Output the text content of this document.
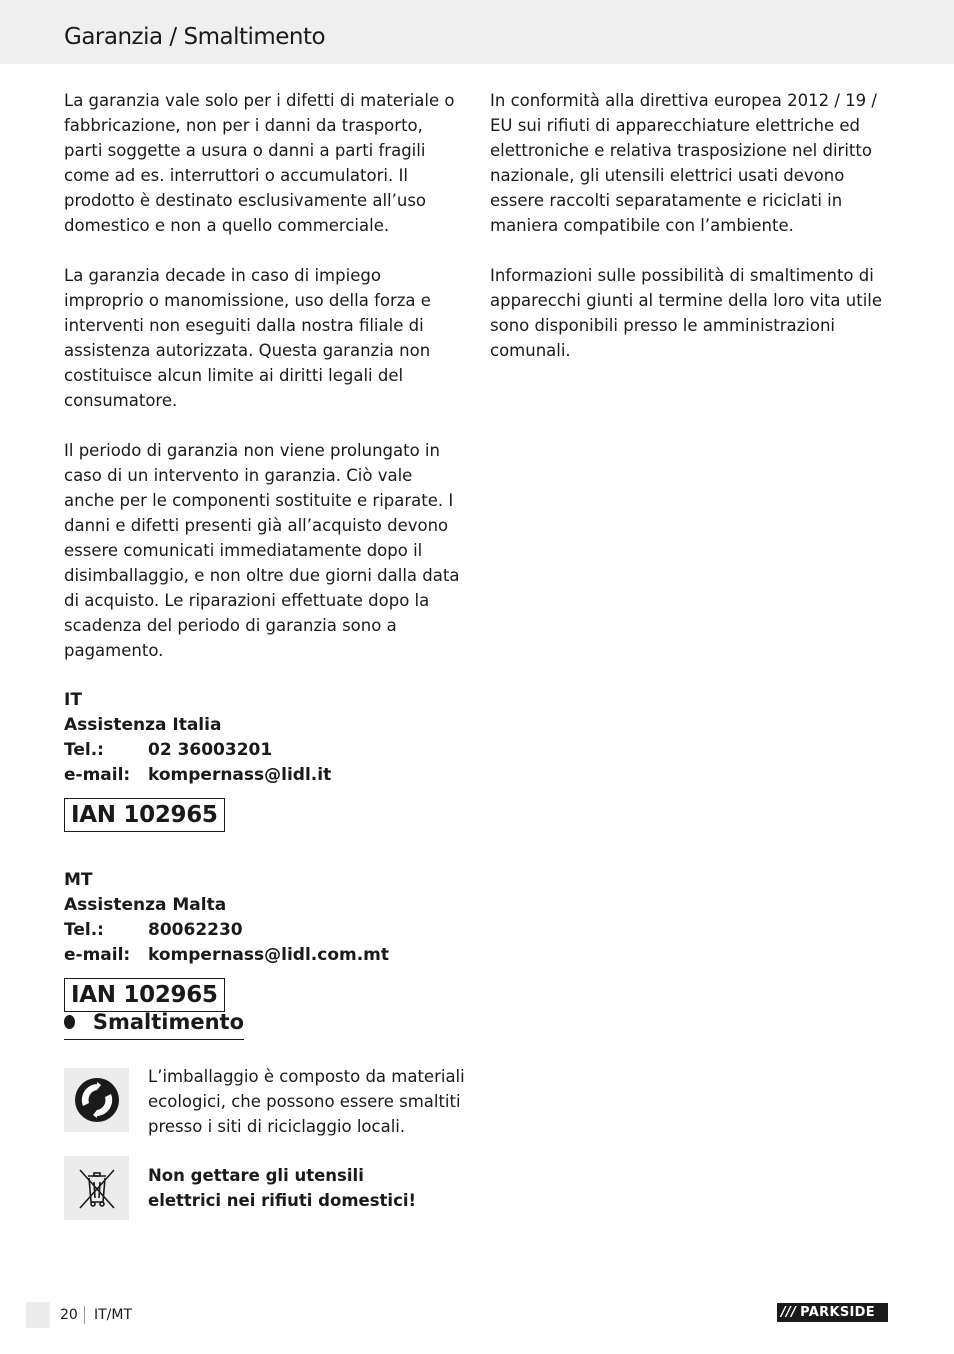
Garanzia / Smaltimento

La garanzia vale solo per i difetti di materiale o fabbricazione, non per i danni da trasporto, parti soggette a usura o danni a parti fragili come ad es. interruttori o accumulatori. Il prodotto è destinato esclusivamente all’uso domestico e non a quello commerciale.

La garanzia decade in caso di impiego improprio o manomissione, uso della forza e interventi non eseguiti dalla nostra filiale di assistenza autorizzata. Questa garanzia non costituisce alcun limite ai diritti legali del consumatore.

Il periodo di garanzia non viene prolungato in caso di un intervento in garanzia. Ciò vale anche per le componenti sostituite e riparate. I danni e difetti presenti già all’acquisto devono essere comunicati immediatamente dopo il disimballaggio, e non oltre due giorni dalla data di acquisto. Le riparazioni effettuate dopo la scadenza del periodo di garanzia sono a pagamento.

IT
Assistenza Italia
Tel.:	02 36003201
e-mail:	kompernass@lidl.it
IAN 102965
MT
Assistenza Malta
Tel.:	80062230
e-mail:	kompernass@lidl.com.mt
IAN 102965
Smaltimento
L’imballaggio è composto da materiali ecologici, che possono essere smaltiti presso i siti di riciclaggio locali.
Non gettare gli utensili elettrici nei rifiuti domestici!

In conformità alla direttiva europea 2012 / 19 / EU sui rifiuti di apparecchiature elettriche ed elettroniche e relativa trasposizione nel diritto nazionale, gli utensili elettrici usati devono essere raccolti separatamente e riciclati in maniera compatibile con l’ambiente.

Informazioni sulle possibilità di smaltimento di apparecchi giunti al termine della loro vita utile sono disponibili presso le amministrazioni comunali.

20 IT/MT	/// PARKSIDE
